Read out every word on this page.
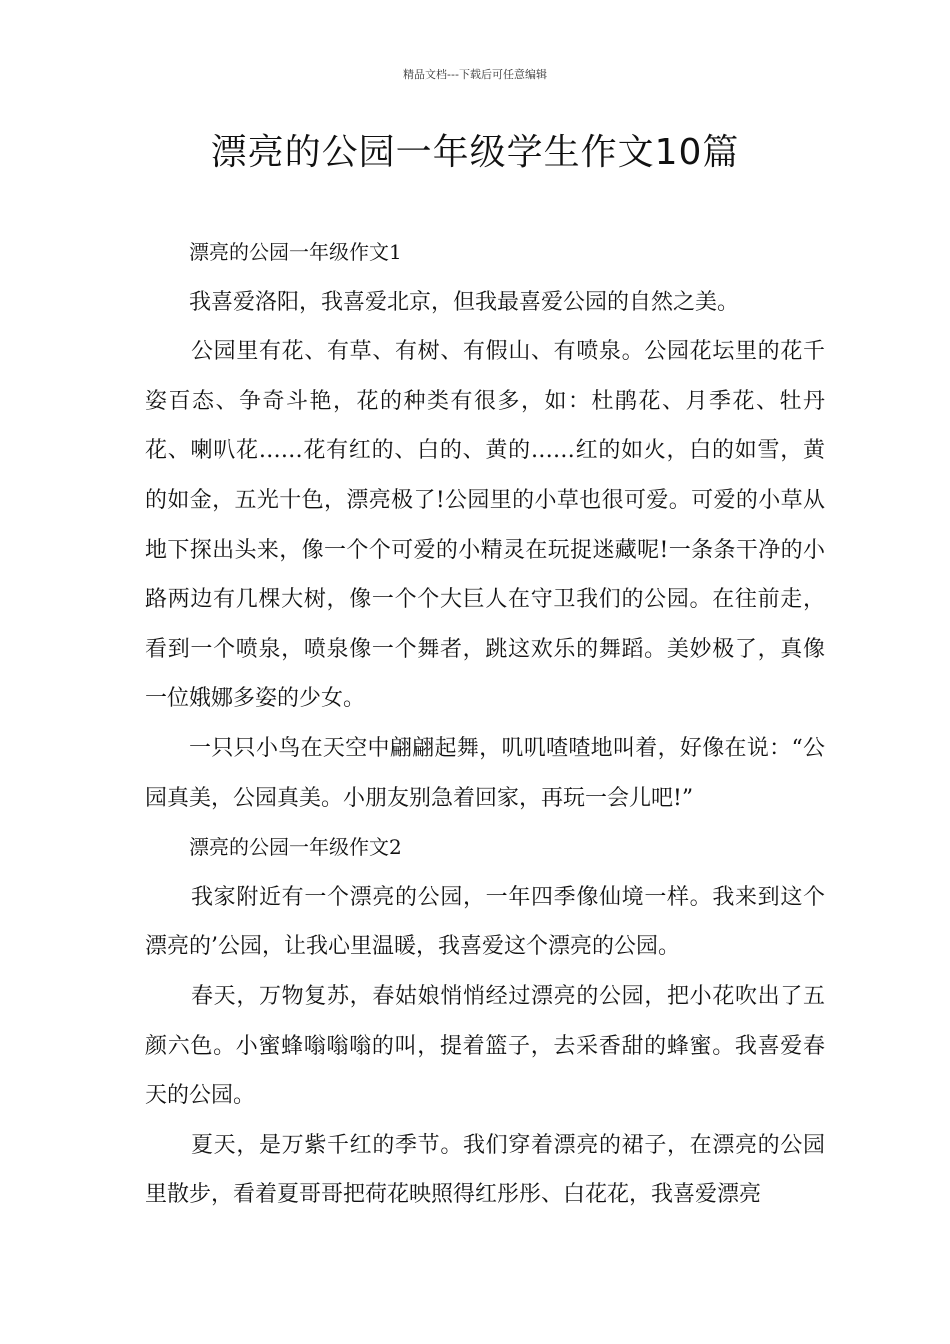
精品文档---下载后可任意编辑
漂亮的公园一年级学生作文10篇

漂亮的公园一年级作文1

我喜爱洛阳，我喜爱北京，但我最喜爱公园的自然之美。

公园里有花、有草、有树、有假山、有喷泉。公园花坛里的花千姿百态、争奇斗艳，花的种类有很多，如：杜鹃花、月季花、牡丹花、喇叭花……花有红的、白的、黄的……红的如火，白的如雪，黄的如金，五光十色，漂亮极了!公园里的小草也很可爱。可爱的小草从地下探出头来，像一个个可爱的小精灵在玩捉迷藏呢!一条条干净的小路两边有几棵大树，像一个个大巨人在守卫我们的公园。在往前走，看到一个喷泉，喷泉像一个舞者，跳这欢乐的舞蹈。美妙极了，真像一位娥娜多姿的少女。

一只只小鸟在天空中翩翩起舞，叽叽喳喳地叫着，好像在说：“公园真美，公园真美。小朋友别急着回家，再玩一会儿吧!”

漂亮的公园一年级作文2

我家附近有一个漂亮的公园，一年四季像仙境一样。我来到这个漂亮的’公园，让我心里温暖，我喜爱这个漂亮的公园。

春天，万物复苏，春姑娘悄悄经过漂亮的公园，把小花吹出了五颜六色。小蜜蜂嗡嗡嗡的叫，提着篮子，去采香甜的蜂蜜。我喜爱春天的公园。

夏天，是万紫千红的季节。我们穿着漂亮的裙子，在漂亮的公园里散步，看着夏哥哥把荷花映照得红彤彤、白花花，我喜爱漂亮
